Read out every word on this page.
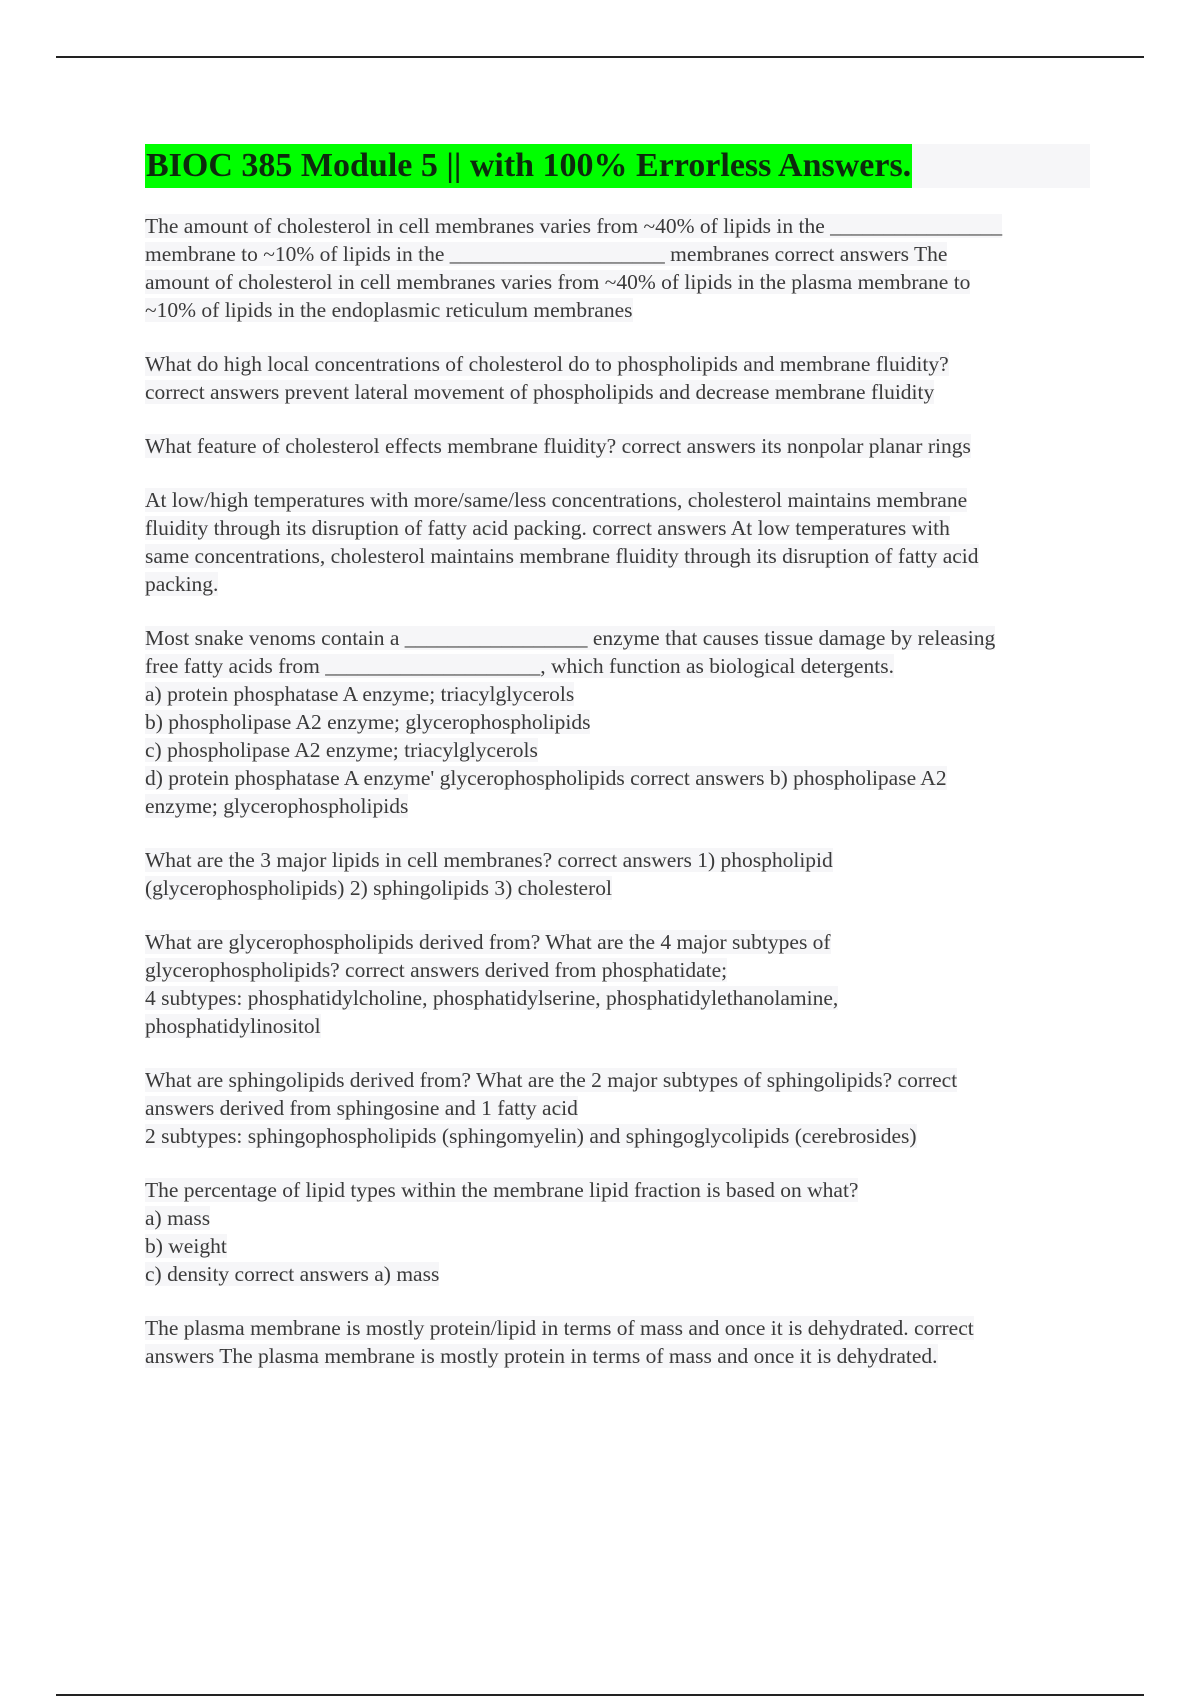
BIOC 385 Module 5 || with 100% Errorless Answers.

The amount of cholesterol in cell membranes varies from ~40% of lipids in the ________________

membrane to ~10% of lipids in the ____________________ membranes correct answers The

amount of cholesterol in cell membranes varies from ~40% of lipids in the plasma membrane to

~10% of lipids in the endoplasmic reticulum membranes

What do high local concentrations of cholesterol do to phospholipids and membrane fluidity?

correct answers prevent lateral movement of phospholipids and decrease membrane fluidity

What feature of cholesterol effects membrane fluidity? correct answers its nonpolar planar rings

At low/high temperatures with more/same/less concentrations, cholesterol maintains membrane

fluidity through its disruption of fatty acid packing. correct answers At low temperatures with

same concentrations, cholesterol maintains membrane fluidity through its disruption of fatty acid

packing.

Most snake venoms contain a _________________ enzyme that causes tissue damage by releasing

free fatty acids from ____________________, which function as biological detergents.

a) protein phosphatase A enzyme; triacylglycerols

b) phospholipase A2 enzyme; glycerophospholipids

c) phospholipase A2 enzyme; triacylglycerols

d) protein phosphatase A enzyme' glycerophospholipids correct answers b) phospholipase A2

enzyme; glycerophospholipids

What are the 3 major lipids in cell membranes? correct answers 1) phospholipid

(glycerophospholipids) 2) sphingolipids 3) cholesterol

What are glycerophospholipids derived from? What are the 4 major subtypes of

glycerophospholipids? correct answers derived from phosphatidate;

4 subtypes: phosphatidylcholine, phosphatidylserine, phosphatidylethanolamine,

phosphatidylinositol

What are sphingolipids derived from? What are the 2 major subtypes of sphingolipids? correct

answers derived from sphingosine and 1 fatty acid

2 subtypes: sphingophospholipids (sphingomyelin) and sphingoglycolipids (cerebrosides)

The percentage of lipid types within the membrane lipid fraction is based on what?

a) mass

b) weight

c) density correct answers a) mass

The plasma membrane is mostly protein/lipid in terms of mass and once it is dehydrated. correct

answers The plasma membrane is mostly protein in terms of mass and once it is dehydrated.
